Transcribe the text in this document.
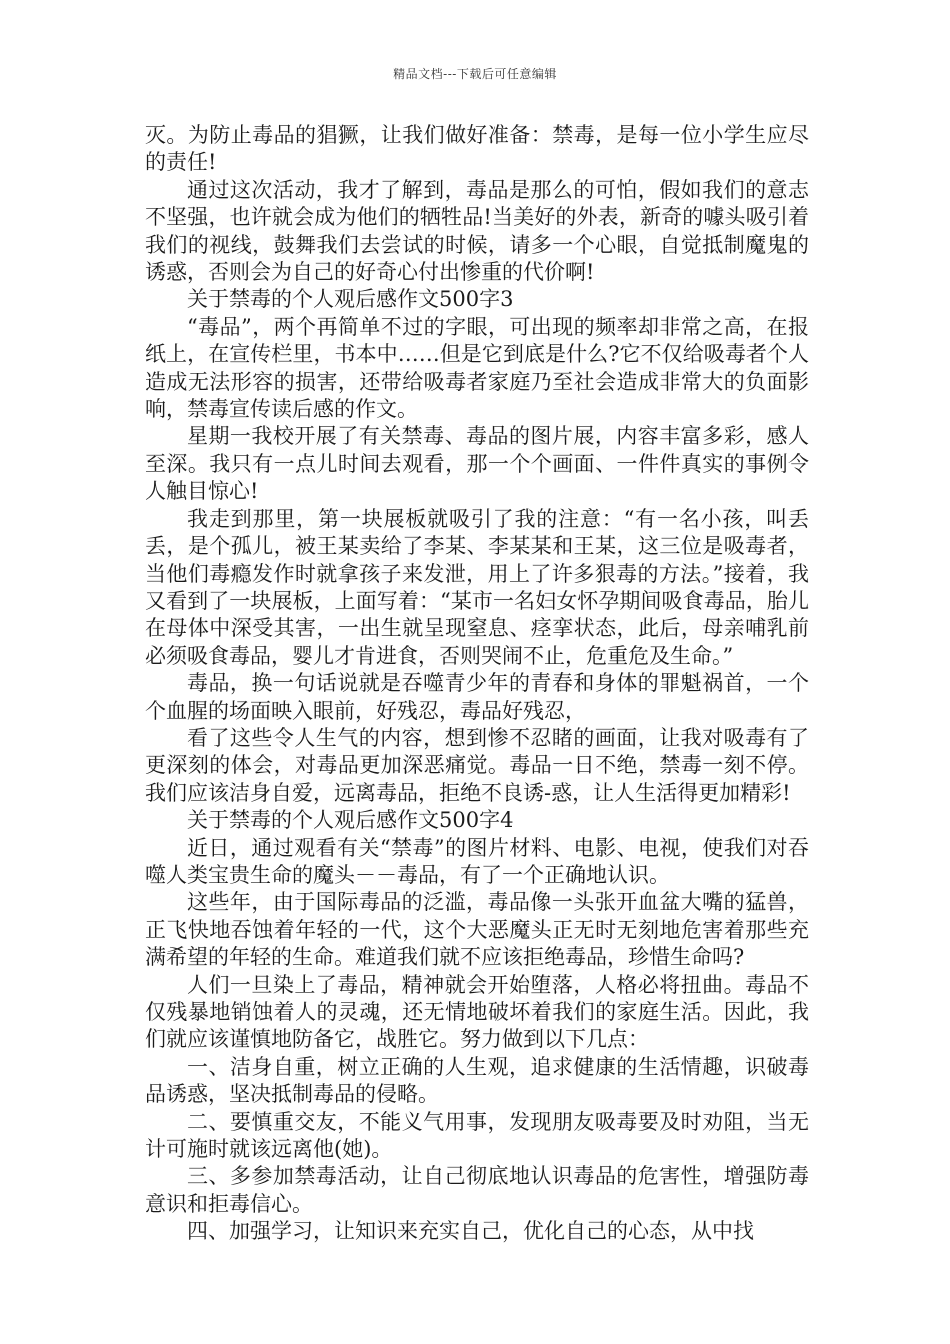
精品文档---下载后可任意编辑

灭。为防止毒品的猖獗，让我们做好准备：禁毒，是每一位小学生应尽的责任!

通过这次活动，我才了解到，毒品是那么的可怕，假如我们的意志不坚强，也许就会成为他们的牺牲品!当美好的外表，新奇的噱头吸引着我们的视线，鼓舞我们去尝试的时候，请多一个心眼，自觉抵制魔鬼的诱惑，否则会为自己的好奇心付出惨重的代价啊!

关于禁毒的个人观后感作文500字3

“毒品”，两个再简单不过的字眼，可出现的频率却非常之高，在报纸上，在宣传栏里，书本中……但是它到底是什么?它不仅给吸毒者个人造成无法形容的损害，还带给吸毒者家庭乃至社会造成非常大的负面影响，禁毒宣传读后感的作文。

星期一我校开展了有关禁毒、毒品的图片展，内容丰富多彩，感人至深。我只有一点儿时间去观看，那一个个画面、一件件真实的事例令人触目惊心!

我走到那里，第一块展板就吸引了我的注意：“有一名小孩，叫丢丢，是个孤儿，被王某卖给了李某、李某某和王某，这三位是吸毒者，当他们毒瘾发作时就拿孩子来发泄，用上了许多狠毒的方法。”接着，我又看到了一块展板，上面写着：“某市一名妇女怀孕期间吸食毒品，胎儿在母体中深受其害，一出生就呈现窒息、痉挛状态，此后，母亲哺乳前必须吸食毒品，婴儿才肯进食，否则哭闹不止，危重危及生命。”

毒品，换一句话说就是吞噬青少年的青春和身体的罪魁祸首，一个个血腥的场面映入眼前，好残忍，毒品好残忍，

看了这些令人生气的内容，想到惨不忍睹的画面，让我对吸毒有了更深刻的体会，对毒品更加深恶痛觉。毒品一日不绝，禁毒一刻不停。我们应该洁身自爱，远离毒品，拒绝不良诱-惑，让人生活得更加精彩!

关于禁毒的个人观后感作文500字4

近日，通过观看有关“禁毒”的图片材料、电影、电视，使我们对吞噬人类宝贵生命的魔头－－毒品，有了一个正确地认识。

这些年，由于国际毒品的泛滥，毒品像一头张开血盆大嘴的猛兽，正飞快地吞蚀着年轻的一代，这个大恶魔头正无时无刻地危害着那些充满希望的年轻的生命。难道我们就不应该拒绝毒品，珍惜生命吗?

人们一旦染上了毒品，精神就会开始堕落，人格必将扭曲。毒品不仅残暴地销蚀着人的灵魂，还无情地破坏着我们的家庭生活。因此，我们就应该谨慎地防备它，战胜它。努力做到以下几点：

一、洁身自重，树立正确的人生观，追求健康的生活情趣，识破毒品诱惑，坚决抵制毒品的侵略。

二、要慎重交友，不能义气用事，发现朋友吸毒要及时劝阻，当无计可施时就该远离他(她)。

三、多参加禁毒活动，让自己彻底地认识毒品的危害性，增强防毒意识和拒毒信心。

四、加强学习，让知识来充实自己，优化自己的心态，从中找
